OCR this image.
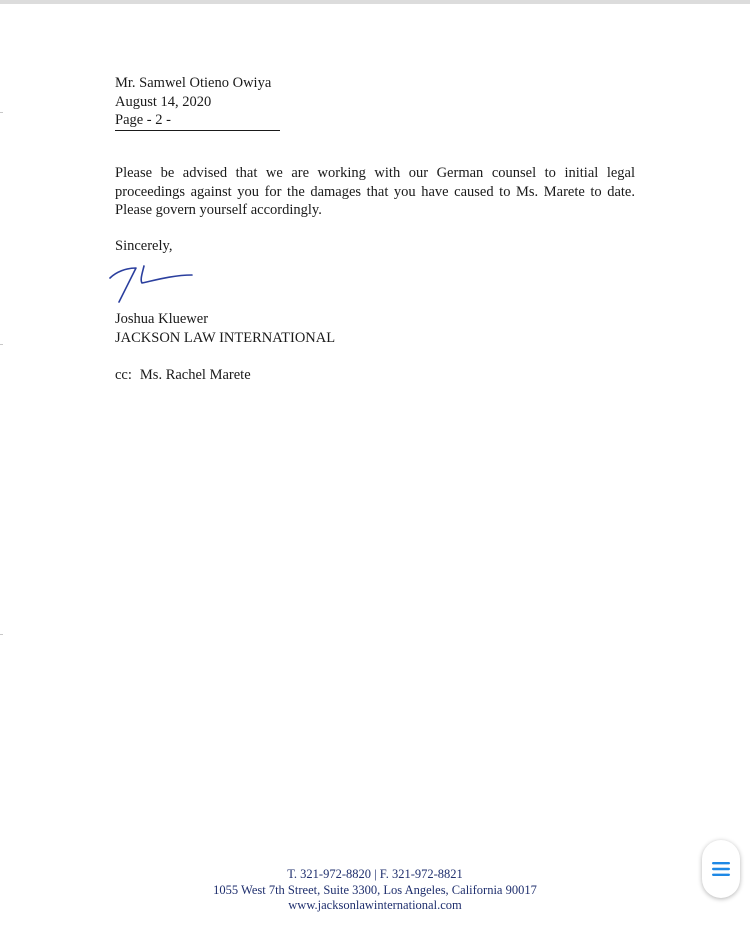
Mr. Samwel Otieno Owiya
August 14, 2020
Page - 2 -

Please be advised that we are working with our German counsel to initial legal proceedings against you for the damages that you have caused to Ms. Marete to date. Please govern yourself accordingly.

Sincerely,

Joshua Kluewer
JACKSON LAW INTERNATIONAL
cc: Ms. Rachel Marete
T. 321-972-8820 | F. 321-972-8821
1055 West 7th Street, Suite 3300, Los Angeles, California 90017
www.jacksonlawinternational.com
